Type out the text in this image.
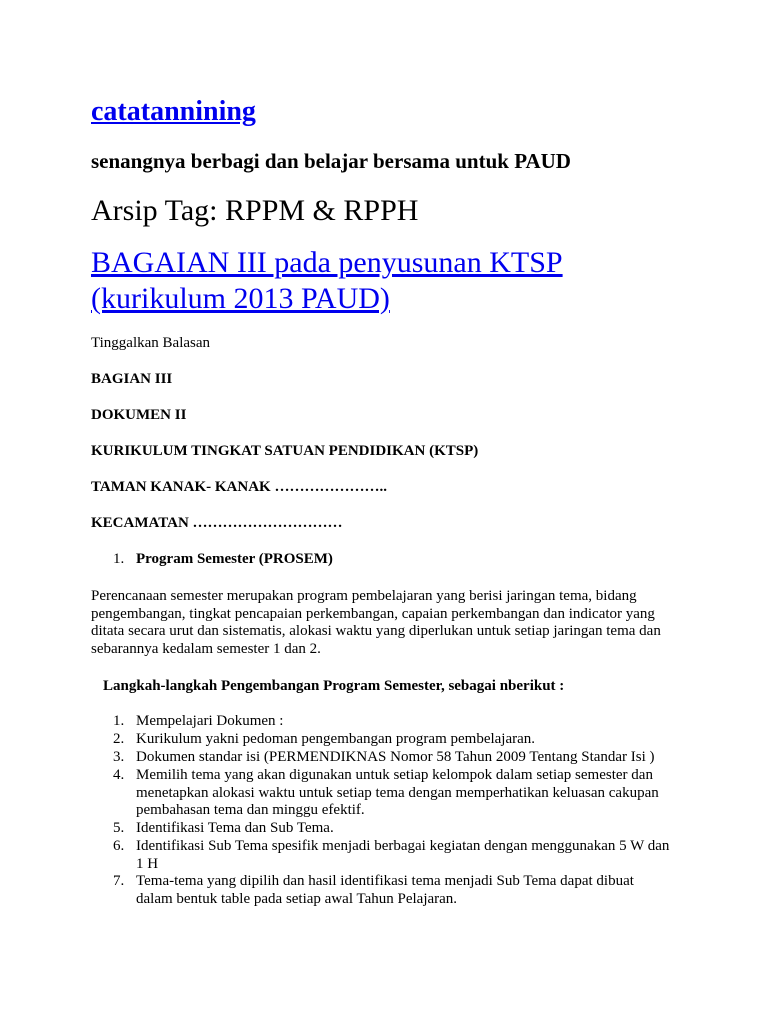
catatannining
senangnya berbagi dan belajar bersama untuk PAUD
Arsip Tag: RPPM & RPPH
BAGAIAN III pada penyusunan KTSP
(kurikulum 2013 PAUD)
Tinggalkan Balasan
BAGIAN III
DOKUMEN II
KURIKULUM TINGKAT SATUAN PENDIDIKAN (KTSP)
TAMAN KANAK- KANAK …………………..
KECAMATAN …………………………
1. Program Semester (PROSEM)
Perencanaan semester merupakan program pembelajaran yang berisi jaringan tema, bidang
pengembangan, tingkat pencapaian perkembangan, capaian perkembangan dan indicator yang
ditata secara urut dan sistematis, alokasi waktu yang diperlukan untuk setiap jaringan tema dan
sebarannya kedalam semester 1 dan 2.
Langkah-langkah Pengembangan Program Semester, sebagai nberikut :
1. Mempelajari Dokumen :
2. Kurikulum yakni pedoman pengembangan program pembelajaran.
3. Dokumen standar isi (PERMENDIKNAS Nomor 58 Tahun 2009 Tentang Standar Isi )
4. Memilih tema yang akan digunakan untuk setiap kelompok dalam setiap semester dan
menetapkan alokasi waktu untuk setiap tema dengan memperhatikan keluasan cakupan
pembahasan tema dan minggu efektif.
5. Identifikasi Tema dan Sub Tema.
6. Identifikasi Sub Tema spesifik menjadi berbagai kegiatan dengan menggunakan 5 W dan
1 H
7. Tema-tema yang dipilih dan hasil identifikasi tema menjadi Sub Tema dapat dibuat
dalam bentuk table pada setiap awal Tahun Pelajaran.
